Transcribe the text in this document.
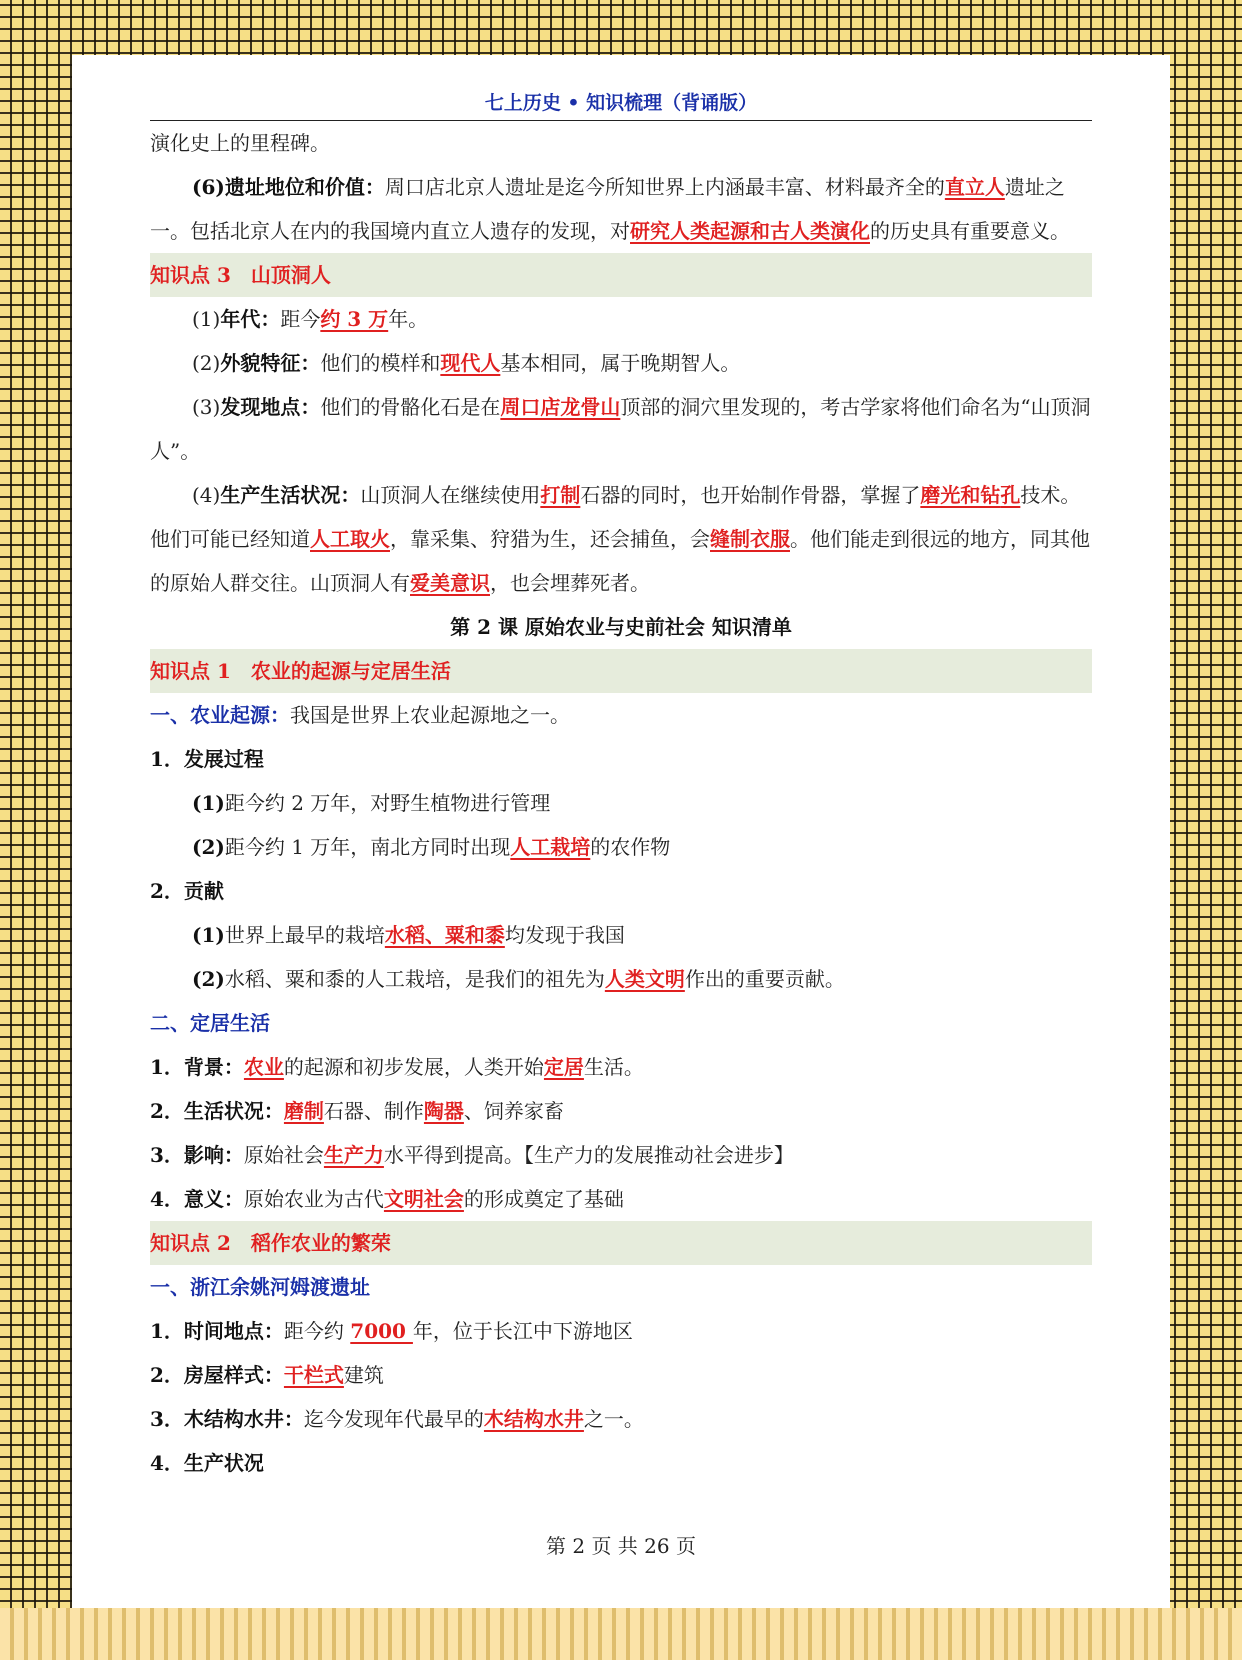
七上历史 • 知识梳理（背诵版）

演化史上的里程碑。

(6)遗址地位和价值：周口店北京人遗址是迄今所知世界上内涵最丰富、材料最齐全的直立人遗址之一。包括北京人在内的我国境内直立人遗存的发现，对研究人类起源和古人类演化的历史具有重要意义。

知识点 3 山顶洞人

(1)年代：距今约 3 万年。

(2)外貌特征：他们的模样和现代人基本相同，属于晚期智人。

(3)发现地点：他们的骨骼化石是在周口店龙骨山顶部的洞穴里发现的，考古学家将他们命名为“山顶洞人”。

(4)生产生活状况：山顶洞人在继续使用打制石器的同时，也开始制作骨器，掌握了磨光和钻孔技术。他们可能已经知道人工取火，靠采集、狩猎为生，还会捕鱼，会缝制衣服。他们能走到很远的地方，同其他的原始人群交往。山顶洞人有爱美意识，也会埋葬死者。

第 2 课 原始农业与史前社会 知识清单

知识点 1 农业的起源与定居生活

一、农业起源：我国是世界上农业起源地之一。

1．发展过程

(1)距今约 2 万年，对野生植物进行管理

(2)距今约 1 万年，南北方同时出现人工栽培的农作物

2．贡献

(1)世界上最早的栽培水稻、粟和黍均发现于我国

(2)水稻、粟和黍的人工栽培，是我们的祖先为人类文明作出的重要贡献。

二、定居生活

1．背景：农业的起源和初步发展，人类开始定居生活。

2．生活状况：磨制石器、制作陶器、饲养家畜

3．影响：原始社会生产力水平得到提高。【生产力的发展推动社会进步】

4．意义：原始农业为古代文明社会的形成奠定了基础

知识点 2 稻作农业的繁荣

一、浙江余姚河姆渡遗址

1．时间地点：距今约 7000 年，位于长江中下游地区

2．房屋样式：干栏式建筑

3．木结构水井：迄今发现年代最早的木结构水井之一。

4．生产状况

第 2 页 共 26 页
